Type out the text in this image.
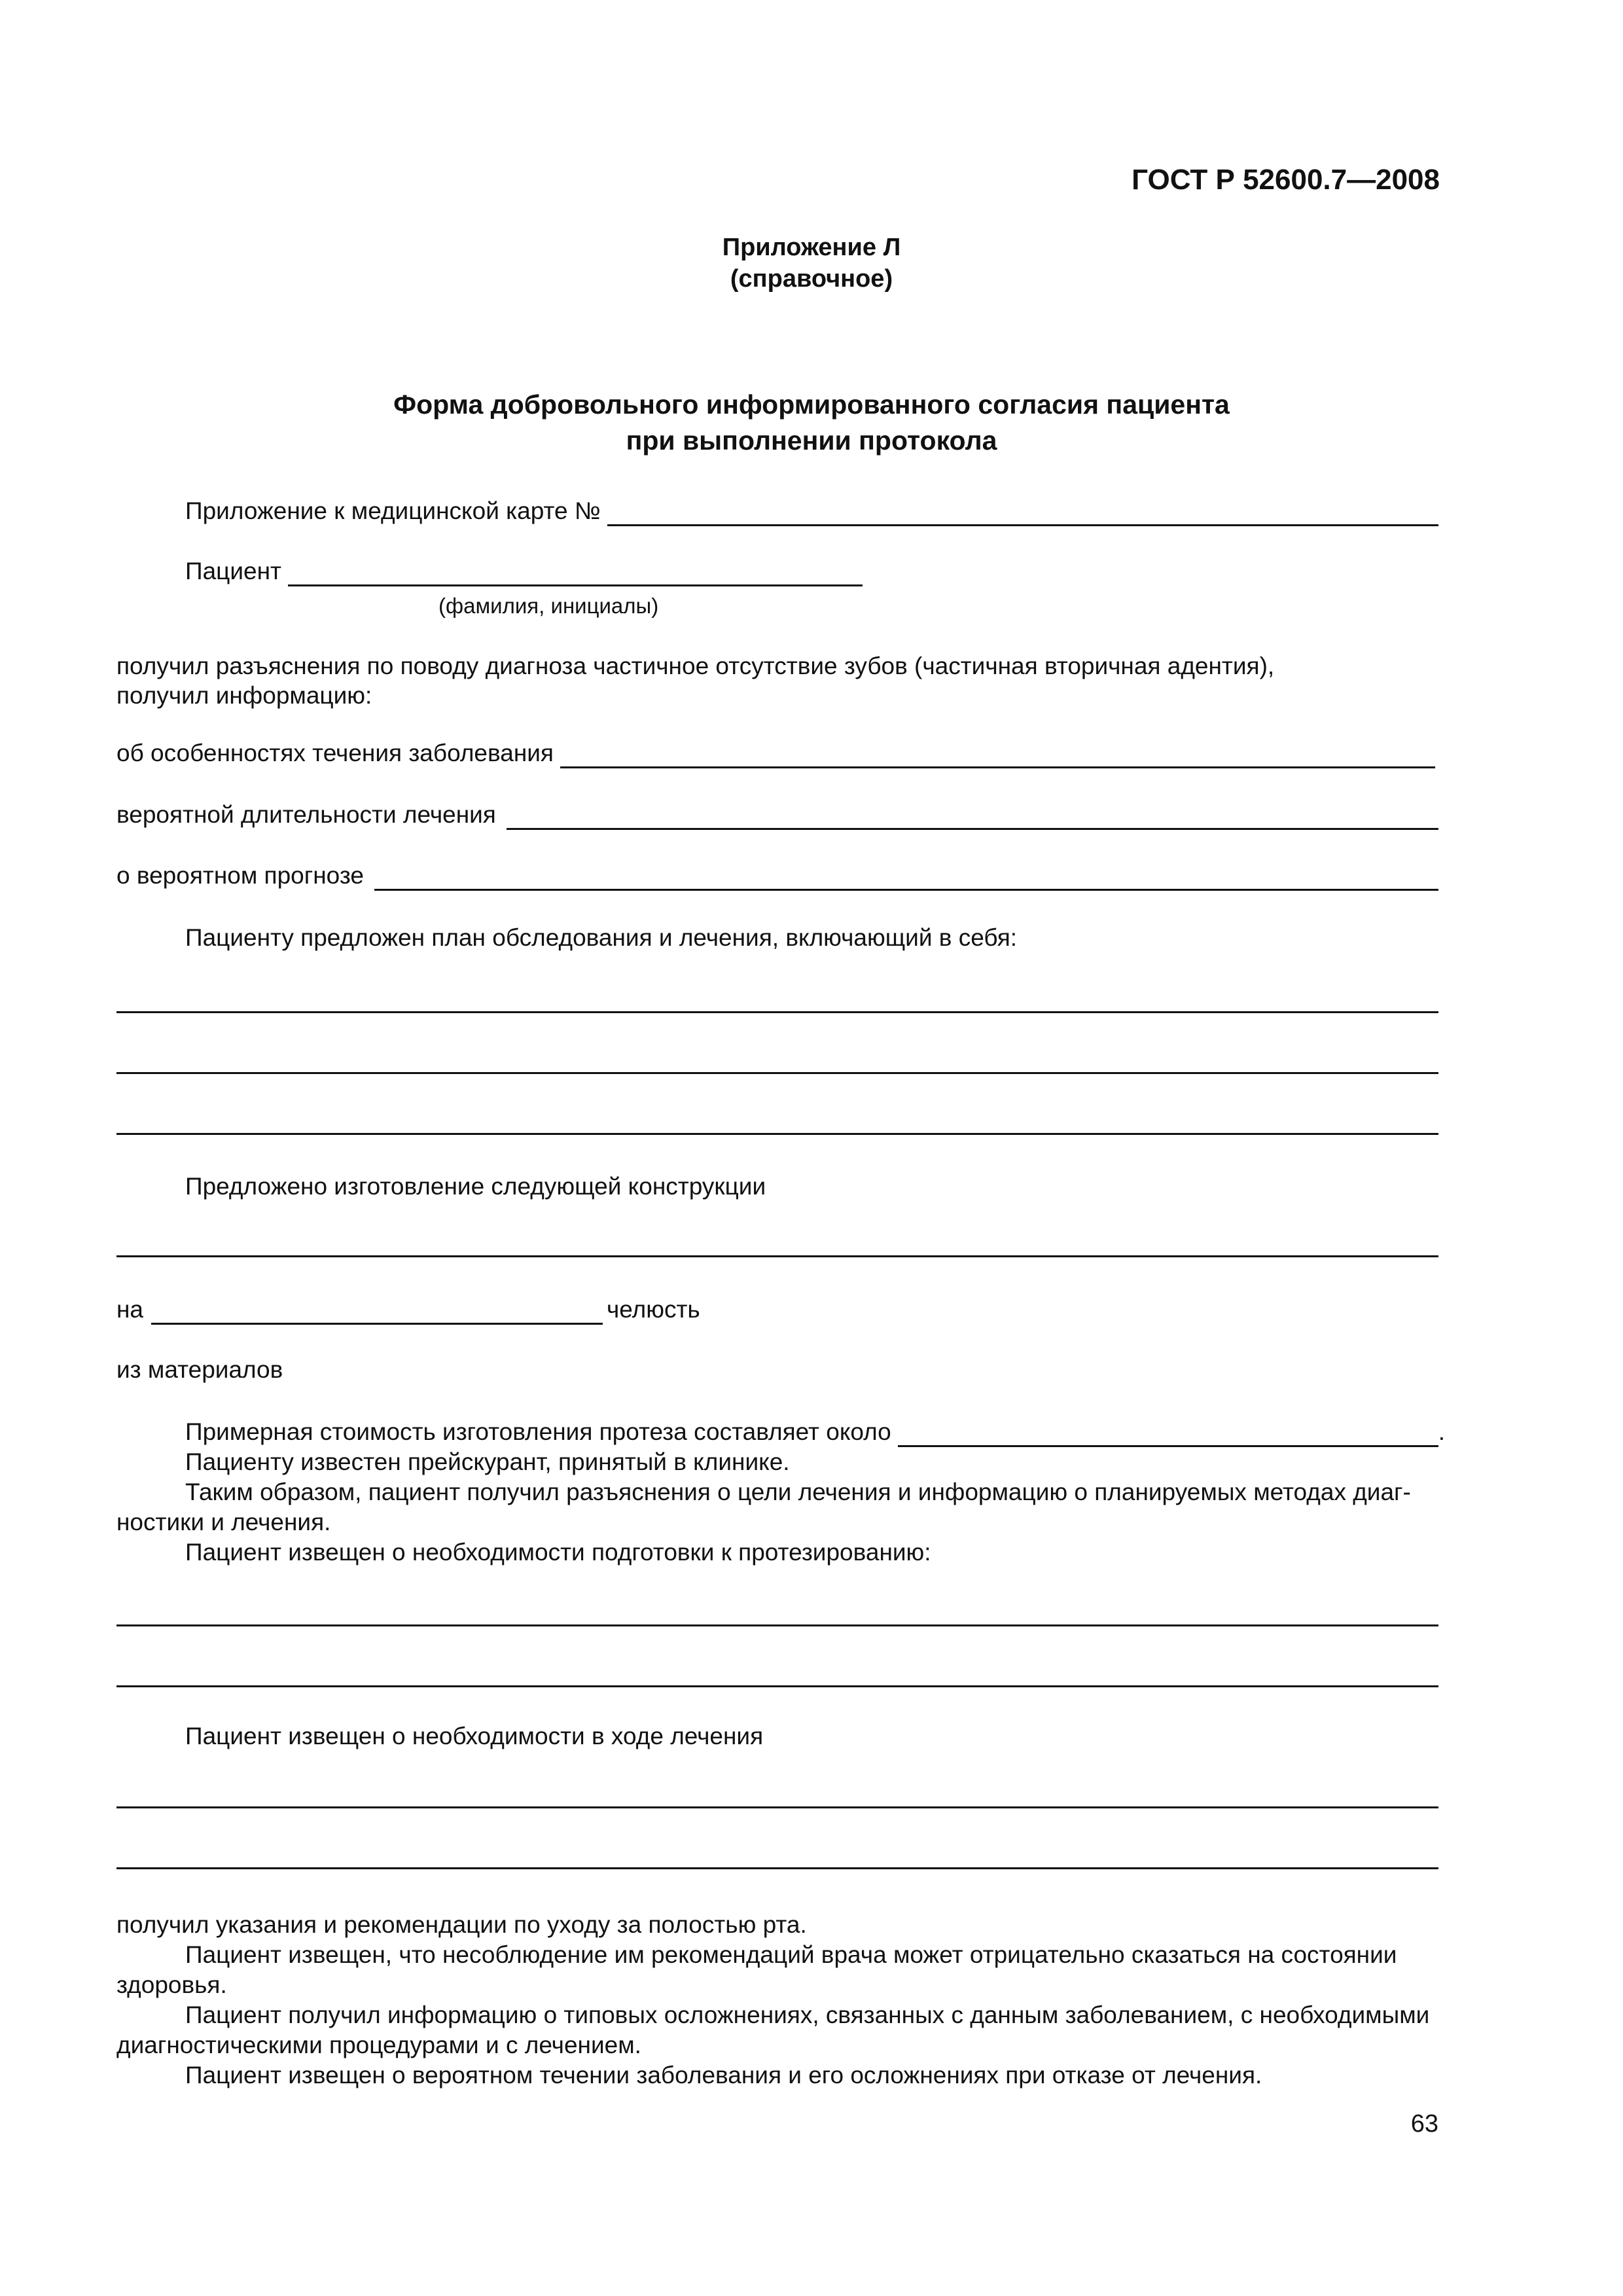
ГОСТ Р 52600.7—2008
Приложение Л
(справочное)
Форма добровольного информированного согласия пациента
при выполнении протокола
Приложение к медицинской карте №
Пациент
(фамилия, инициалы)
получил разъяснения по поводу диагноза частичное отсутствие зубов (частичная вторичная адентия),
получил информацию:
об особенностях течения заболевания
вероятной длительности лечения
о вероятном прогнозе
Пациенту предложен план обследования и лечения, включающий в себя:
Предложено изготовление следующей конструкции
на	челюсть
из материалов
Примерная стоимость изготовления протеза составляет около	.
Пациенту известен прейскурант, принятый в клинике.
Таким образом, пациент получил разъяснения о цели лечения и информацию о планируемых методах диаг-
ностики и лечения.
Пациент извещен о необходимости подготовки к протезированию:
Пациент извещен о необходимости в ходе лечения
получил указания и рекомендации по уходу за полостью рта.
Пациент извещен, что несоблюдение им рекомендаций врача может отрицательно сказаться на состоянии
здоровья.
Пациент получил информацию о типовых осложнениях, связанных с данным заболеванием, с необходимыми
диагностическими процедурами и с лечением.
Пациент извещен о вероятном течении заболевания и его осложнениях при отказе от лечения.
63
